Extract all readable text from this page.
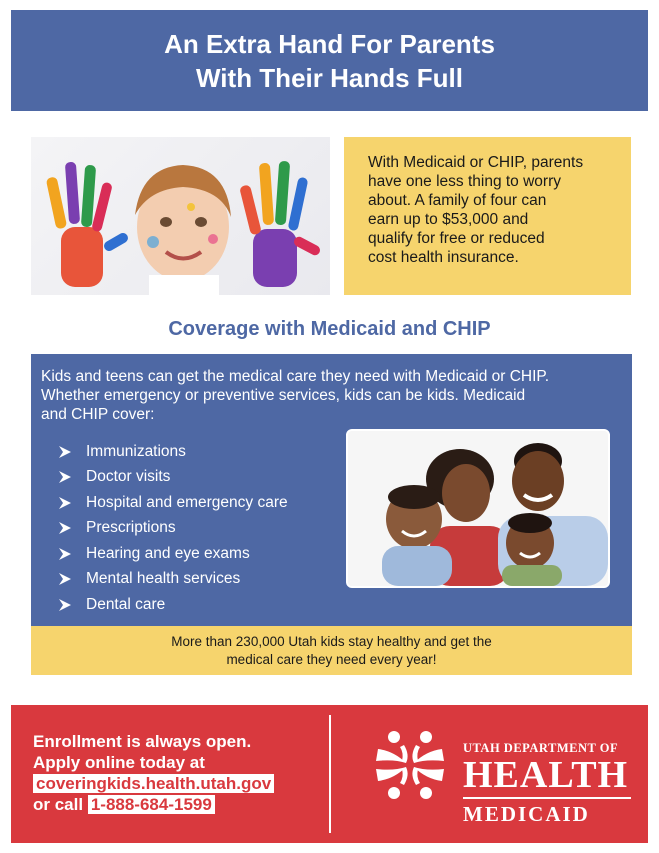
An Extra Hand For Parents
With Their Hands Full
With Medicaid or CHIP, parents
have one less thing to worry
about. A family of four can
earn up to $53,000 and
qualify for free or reduced
cost health insurance.
Coverage with Medicaid and CHIP
Kids and teens can get the medical care they need with Medicaid or CHIP.
Whether emergency or preventive services, kids can be kids. Medicaid
and CHIP cover:
Immunizations
Doctor visits
Hospital and emergency care
Prescriptions
Hearing and eye exams
Mental health services
Dental care
More than 230,000 Utah kids stay healthy and get the
medical care they need every year!
Enrollment is always open.
Apply online today at
coveringkids.health.utah.gov
or call 1-888-684-1599
UTAH DEPARTMENT OF
HEALTH
MEDICAID
